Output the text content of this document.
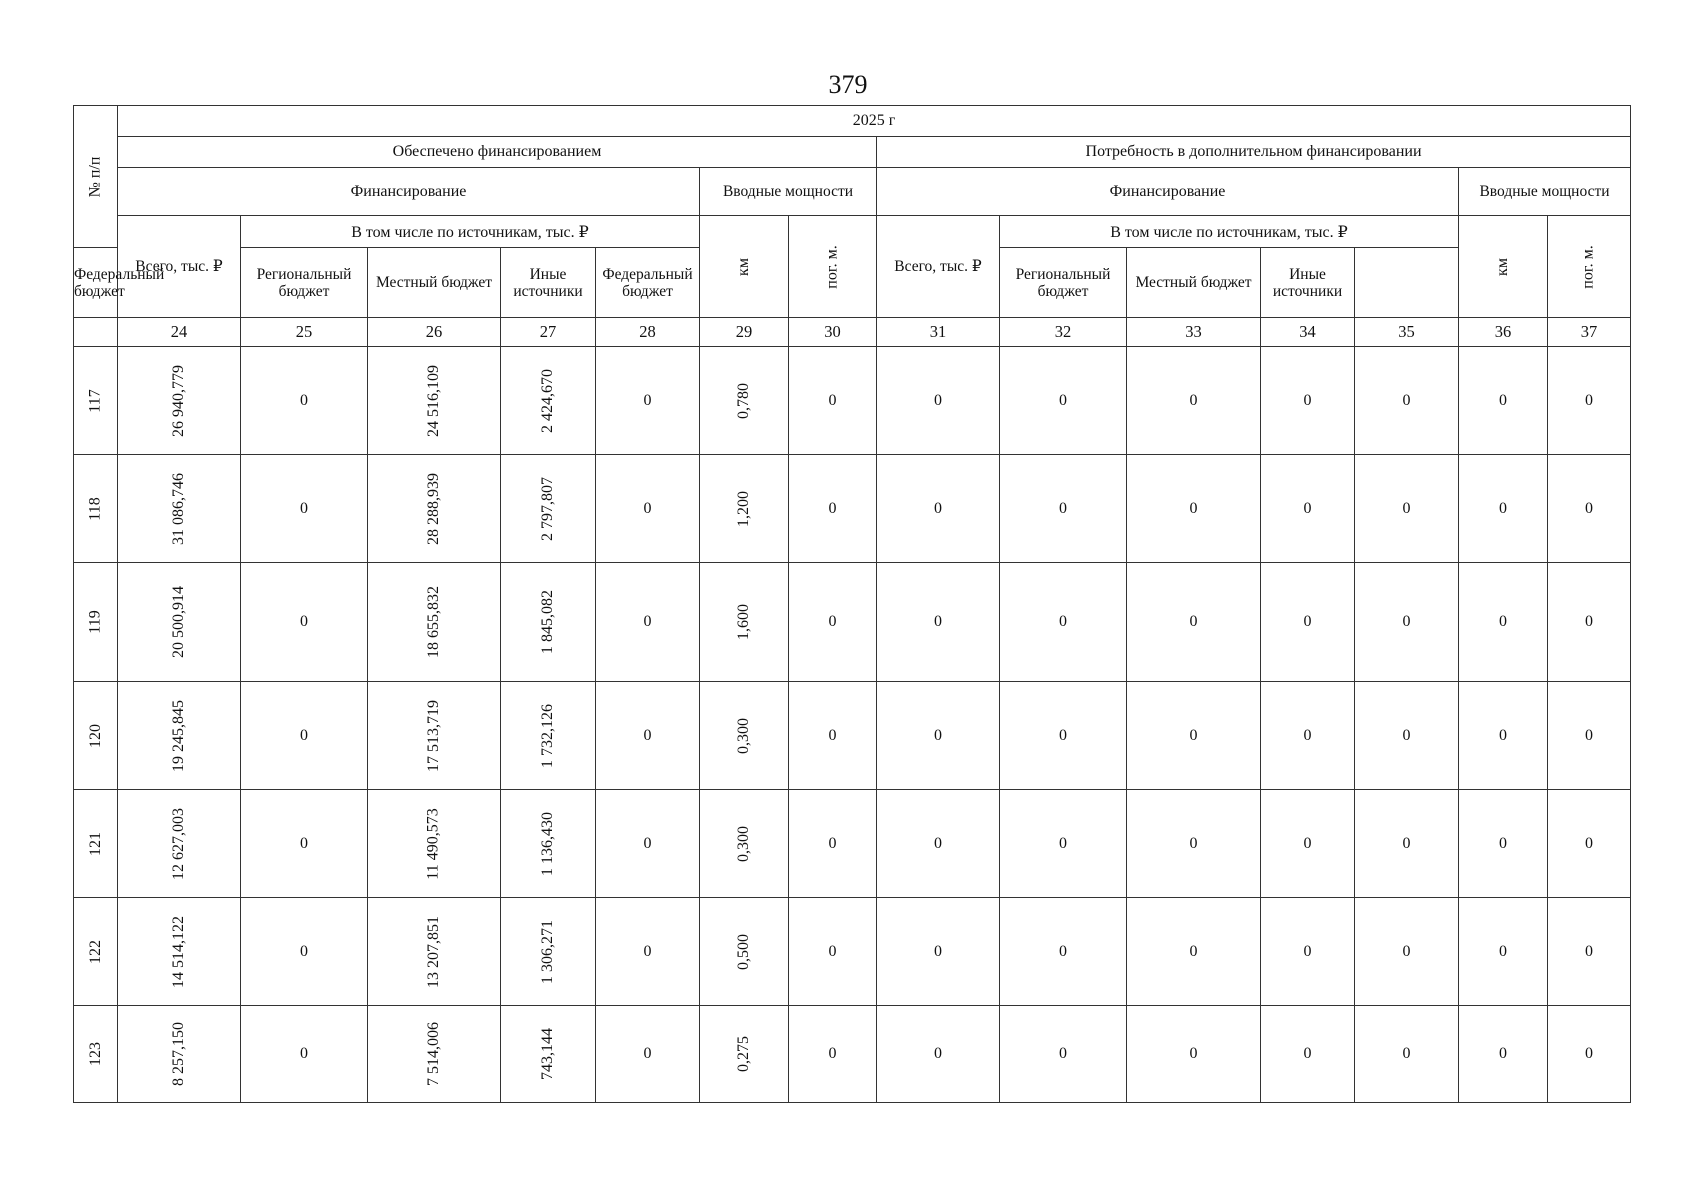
379
№ п/п	2025 г													
	Обеспечено финансированием							Потребность в дополнительном финансировании						
	Финансирование					Вводные мощности		Финансирование					Вводные мощности	
	Всего, тыс. ₽	В том числе по источникам, тыс. ₽				км	пог. м.	Всего, тыс. ₽	В том числе по источникам, тыс. ₽				км	пог. м.
Федеральный бюджет		Региональный бюджет	Местный бюджет	Иные источники	Федеральный бюджет				Региональный бюджет	Местный бюджет	Иные источники			
	24	25	26	27	28	29	30	31	32	33	34	35	36	37
117	26 940,779	0	24 516,109	2 424,670	0	0,780	0	0	0	0	0	0	0	0
118	31 086,746	0	28 288,939	2 797,807	0	1,200	0	0	0	0	0	0	0	0
119	20 500,914	0	18 655,832	1 845,082	0	1,600	0	0	0	0	0	0	0	0
120	19 245,845	0	17 513,719	1 732,126	0	0,300	0	0	0	0	0	0	0	0
121	12 627,003	0	11 490,573	1 136,430	0	0,300	0	0	0	0	0	0	0	0
122	14 514,122	0	13 207,851	1 306,271	0	0,500	0	0	0	0	0	0	0	0
123	8 257,150	0	7 514,006	743,144	0	0,275	0	0	0	0	0	0	0	0
